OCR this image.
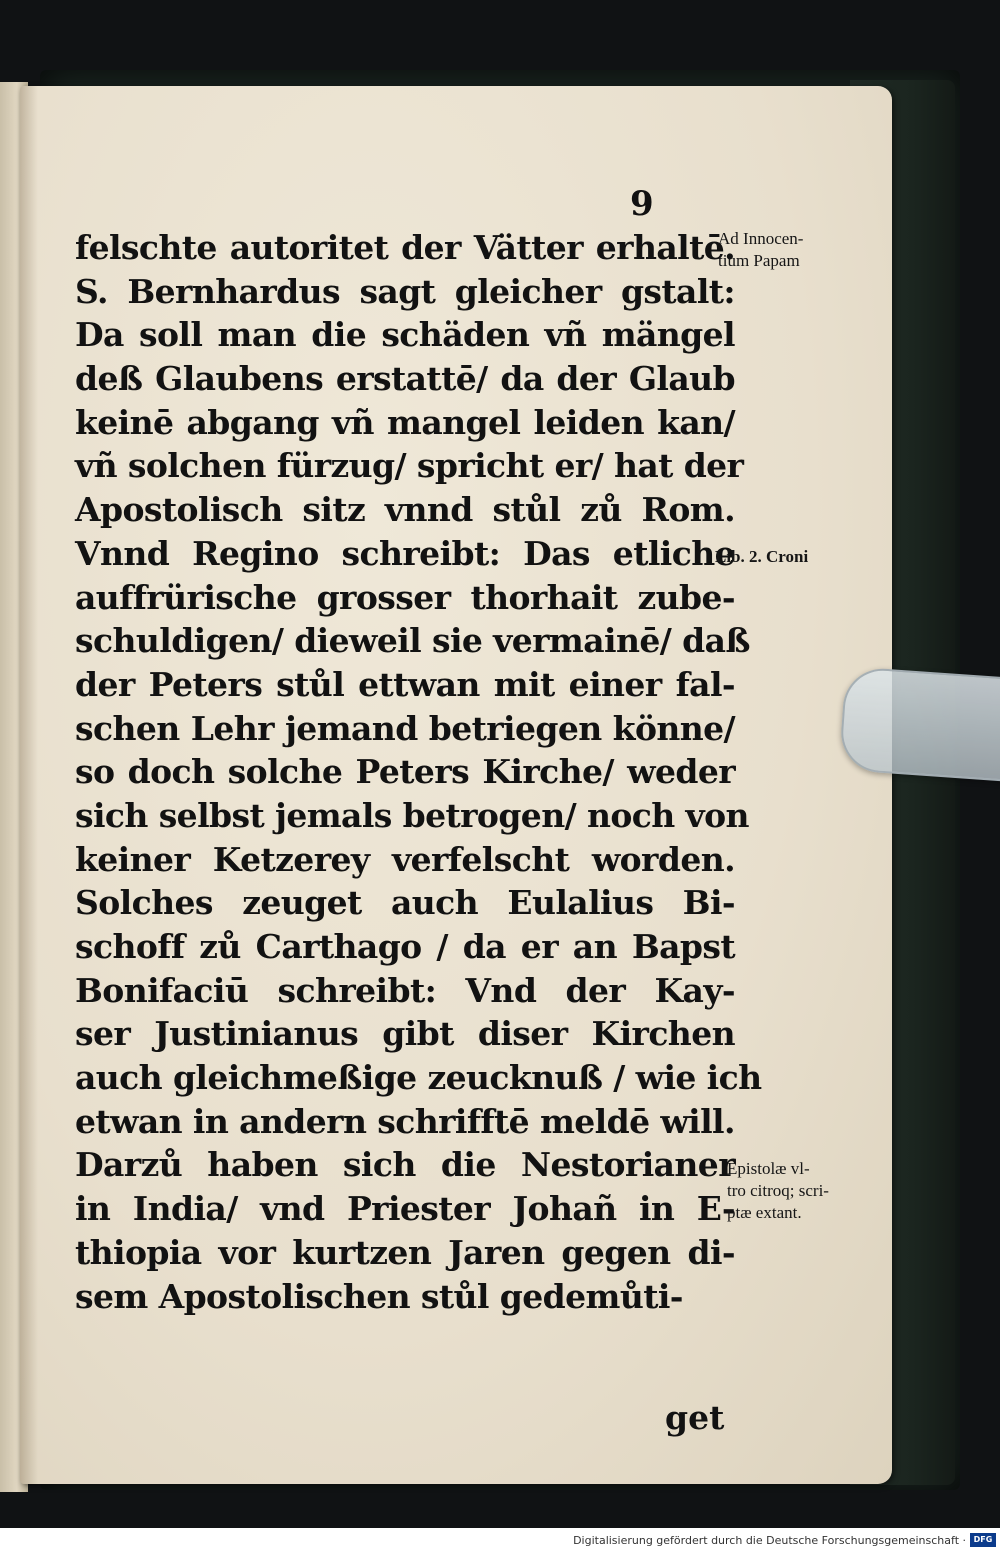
9
felschte autoritet der Vätter erhaltē.
S. Bernhardus sagt gleicher gstalt:
Da soll man die schäden vñ mängel
deß Glaubens erstattē/ da der Glaub
keinē abgang vñ mangel leiden kan/
vñ solchen fürzug/ spricht er/ hat der
Apostolisch sitz vnnd stůl zů Rom.
Vnnd Regino schreibt: Das etliche
auffrürische grosser thorhait zube-
schuldigen/ dieweil sie vermainē/ daß
der Peters stůl ettwan mit einer fal-
schen Lehr jemand betriegen könne/
so doch solche Peters Kirche/ weder
sich selbst jemals betrogen/ noch von
keiner Ketzerey verfelscht worden.
Solches zeuget auch Eulalius Bi-
schoff zů Carthago / da er an Bapst
Bonifaciū schreibt: Vnd der Kay-
ser Justinianus gibt diser Kirchen
auch gleichmeßige zeucknuß / wie ich
etwan in andern schrifftē meldē will.
Darzů haben sich die Nestorianer
in India/ vnd Priester Johañ in E-
thiopia vor kurtzen Jaren gegen di-
sem Apostolischen stůl gedemůti-
get
Ad Innocen-
tium Papam
Lib. 2. Croni
Epistolæ vl-
tro citroq; scri-
ptæ extant.
Digitalisierung gefördert durch die Deutsche Forschungsgemeinschaft · DFG
